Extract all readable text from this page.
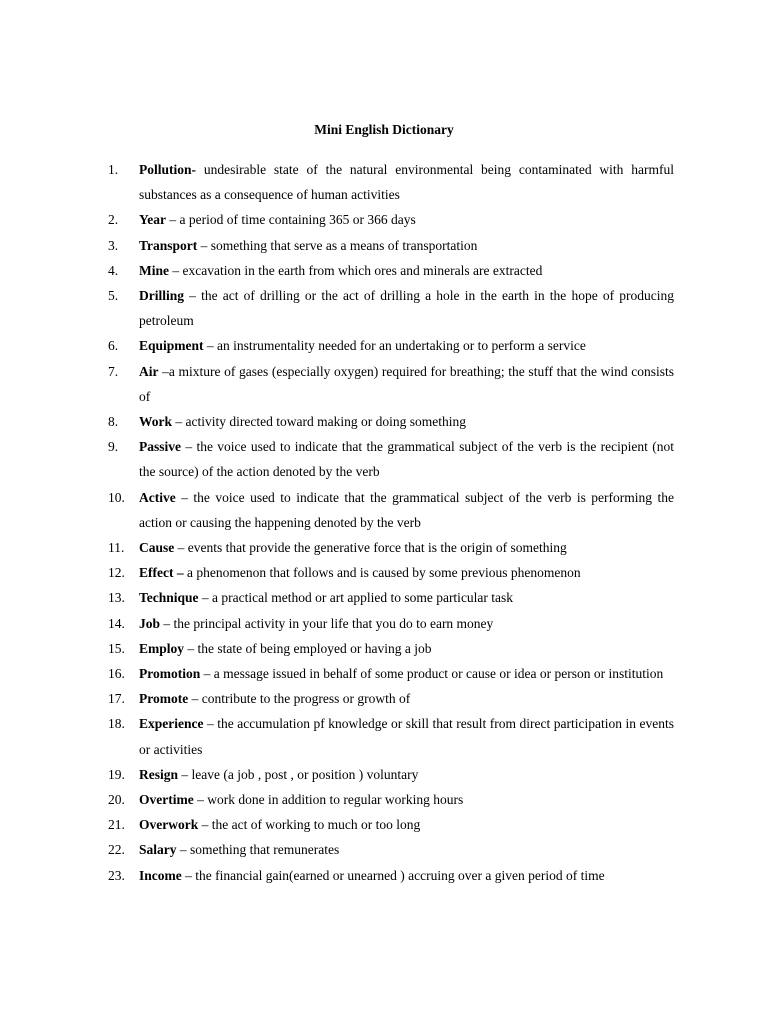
Mini English Dictionary
1.	Pollution- undesirable state of the natural environmental being contaminated with harmful substances as a consequence of human activities
2.	Year – a period of time containing 365 or 366 days
3.	Transport – something that serve as a means of transportation
4.	Mine – excavation in the earth from which ores and minerals are extracted
5.	Drilling – the act of drilling or the act of drilling a hole in the earth in the hope of producing petroleum
6.	Equipment – an instrumentality needed for an undertaking or to perform a service
7.	Air –a mixture of gases (especially oxygen) required for breathing; the stuff that the wind consists of
8.	Work – activity directed toward making or doing something
9.	Passive – the voice used to indicate that the grammatical subject of the verb is the recipient (not the source) of the action denoted by the verb
10.	Active – the voice used to indicate that the grammatical subject of the verb is performing the action or causing the happening denoted by the verb
11.	Cause – events that provide the generative force that is the origin of something
12.	Effect – a phenomenon that follows and is caused by some previous phenomenon
13.	Technique – a practical method or art applied to some particular task
14.	Job – the principal activity in your life that you do to earn money
15.	Employ – the state of being employed or having a job
16.	Promotion – a message issued in behalf of some product or cause or idea or person or institution
17.	Promote – contribute to the progress or growth of
18.	Experience – the accumulation pf knowledge or skill that result from direct participation in events or activities
19.	Resign – leave (a job , post , or position ) voluntary
20.	Overtime – work done in addition to regular working hours
21.	Overwork – the act of working to much or too long
22.	Salary – something that remunerates
23.	Income – the financial gain(earned or unearned ) accruing over a given period of time
